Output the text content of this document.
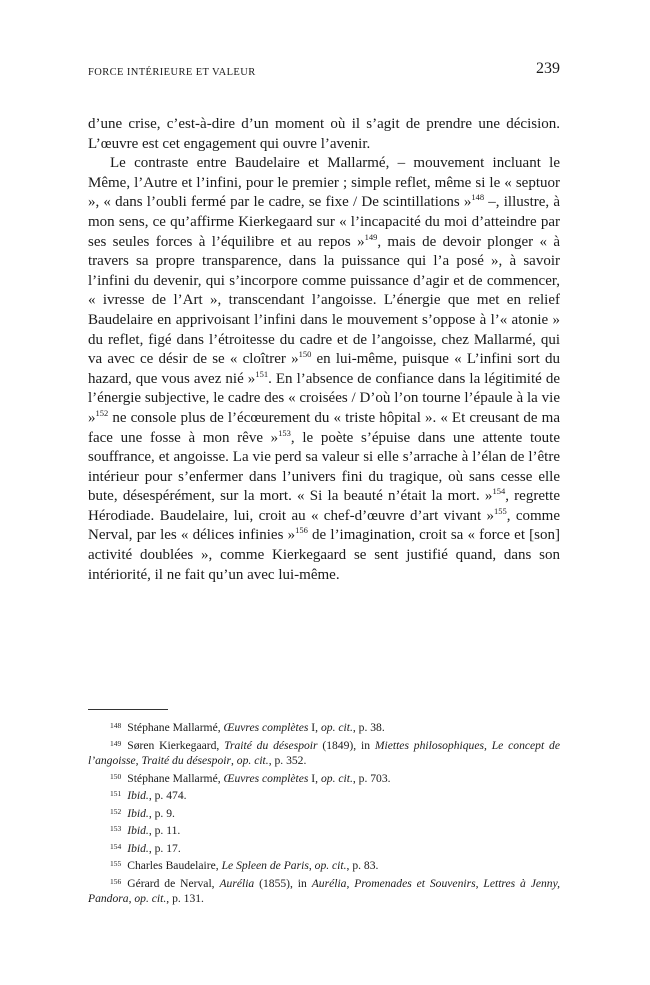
FORCE INTÉRIEURE ET VALEUR	239

d’une crise, c’est-à-dire d’un moment où il s’agit de prendre une décision. L’œuvre est cet engagement qui ouvre l’avenir.

Le contraste entre Baudelaire et Mallarmé, – mouvement incluant le Même, l’Autre et l’infini, pour le premier ; simple reflet, même si le « septuor », « dans l’oubli fermé par le cadre, se fixe / De scintillations »$^{148}$ –, illustre, à mon sens, ce qu’affirme Kierkegaard sur « l’incapacité du moi d’atteindre par ses seules forces à l’équilibre et au repos »$^{149}$, mais de devoir plonger « à travers sa propre transparence, dans la puissance qui l’a posé », à savoir l’infini du devenir, qui s’incorpore comme puissance d’agir et de commencer, « ivresse de l’Art », transcendant l’angoisse. L’énergie que met en relief Baudelaire en apprivoisant l’infini dans le mouvement s’oppose à l’« atonie » du reflet, figé dans l’étroitesse du cadre et de l’angoisse, chez Mallarmé, qui va avec ce désir de se « cloîtrer »$^{150}$ en lui-même, puisque « L’infini sort du hazard, que vous avez nié »$^{151}$. En l’absence de confiance dans la légitimité de l’énergie subjective, le cadre des « croisées / D’où l’on tourne l’épaule à la vie »$^{152}$ ne console plus de l’écœurement du « triste hôpital ». « Et creusant de ma face une fosse à mon rêve »$^{153}$, le poète s’épuise dans une attente toute souffrance, et angoisse. La vie perd sa valeur si elle s’arrache à l’élan de l’être intérieur pour s’enfermer dans l’univers fini du tragique, où sans cesse elle bute, désespérément, sur la mort. « Si la beauté n’était la mort. »$^{154}$, regrette Hérodiade. Baudelaire, lui, croit au « chef-d’œuvre d’art vivant »$^{155}$, comme Nerval, par les « délices infinies »$^{156}$ de l’imagination, croit sa « force et [son] activité doublées », comme Kierkegaard se sent justifié quand, dans son intériorité, il ne fait qu’un avec lui-même.

$^{148}$ Stéphane Mallarmé, Œuvres complètes I, op. cit., p. 38.

$^{149}$ Søren Kierkegaard, Traité du désespoir (1849), in Miettes philosophiques, Le concept de l’angoisse, Traité du désespoir, op. cit., p. 352.

$^{150}$ Stéphane Mallarmé, Œuvres complètes I, op. cit., p. 703.

$^{151}$ Ibid., p. 474.

$^{152}$ Ibid., p. 9.

$^{153}$ Ibid., p. 11.

$^{154}$ Ibid., p. 17.

$^{155}$ Charles Baudelaire, Le Spleen de Paris, op. cit., p. 83.

$^{156}$ Gérard de Nerval, Aurélia (1855), in Aurélia, Promenades et Souvenirs, Lettres à Jenny, Pandora, op. cit., p. 131.
